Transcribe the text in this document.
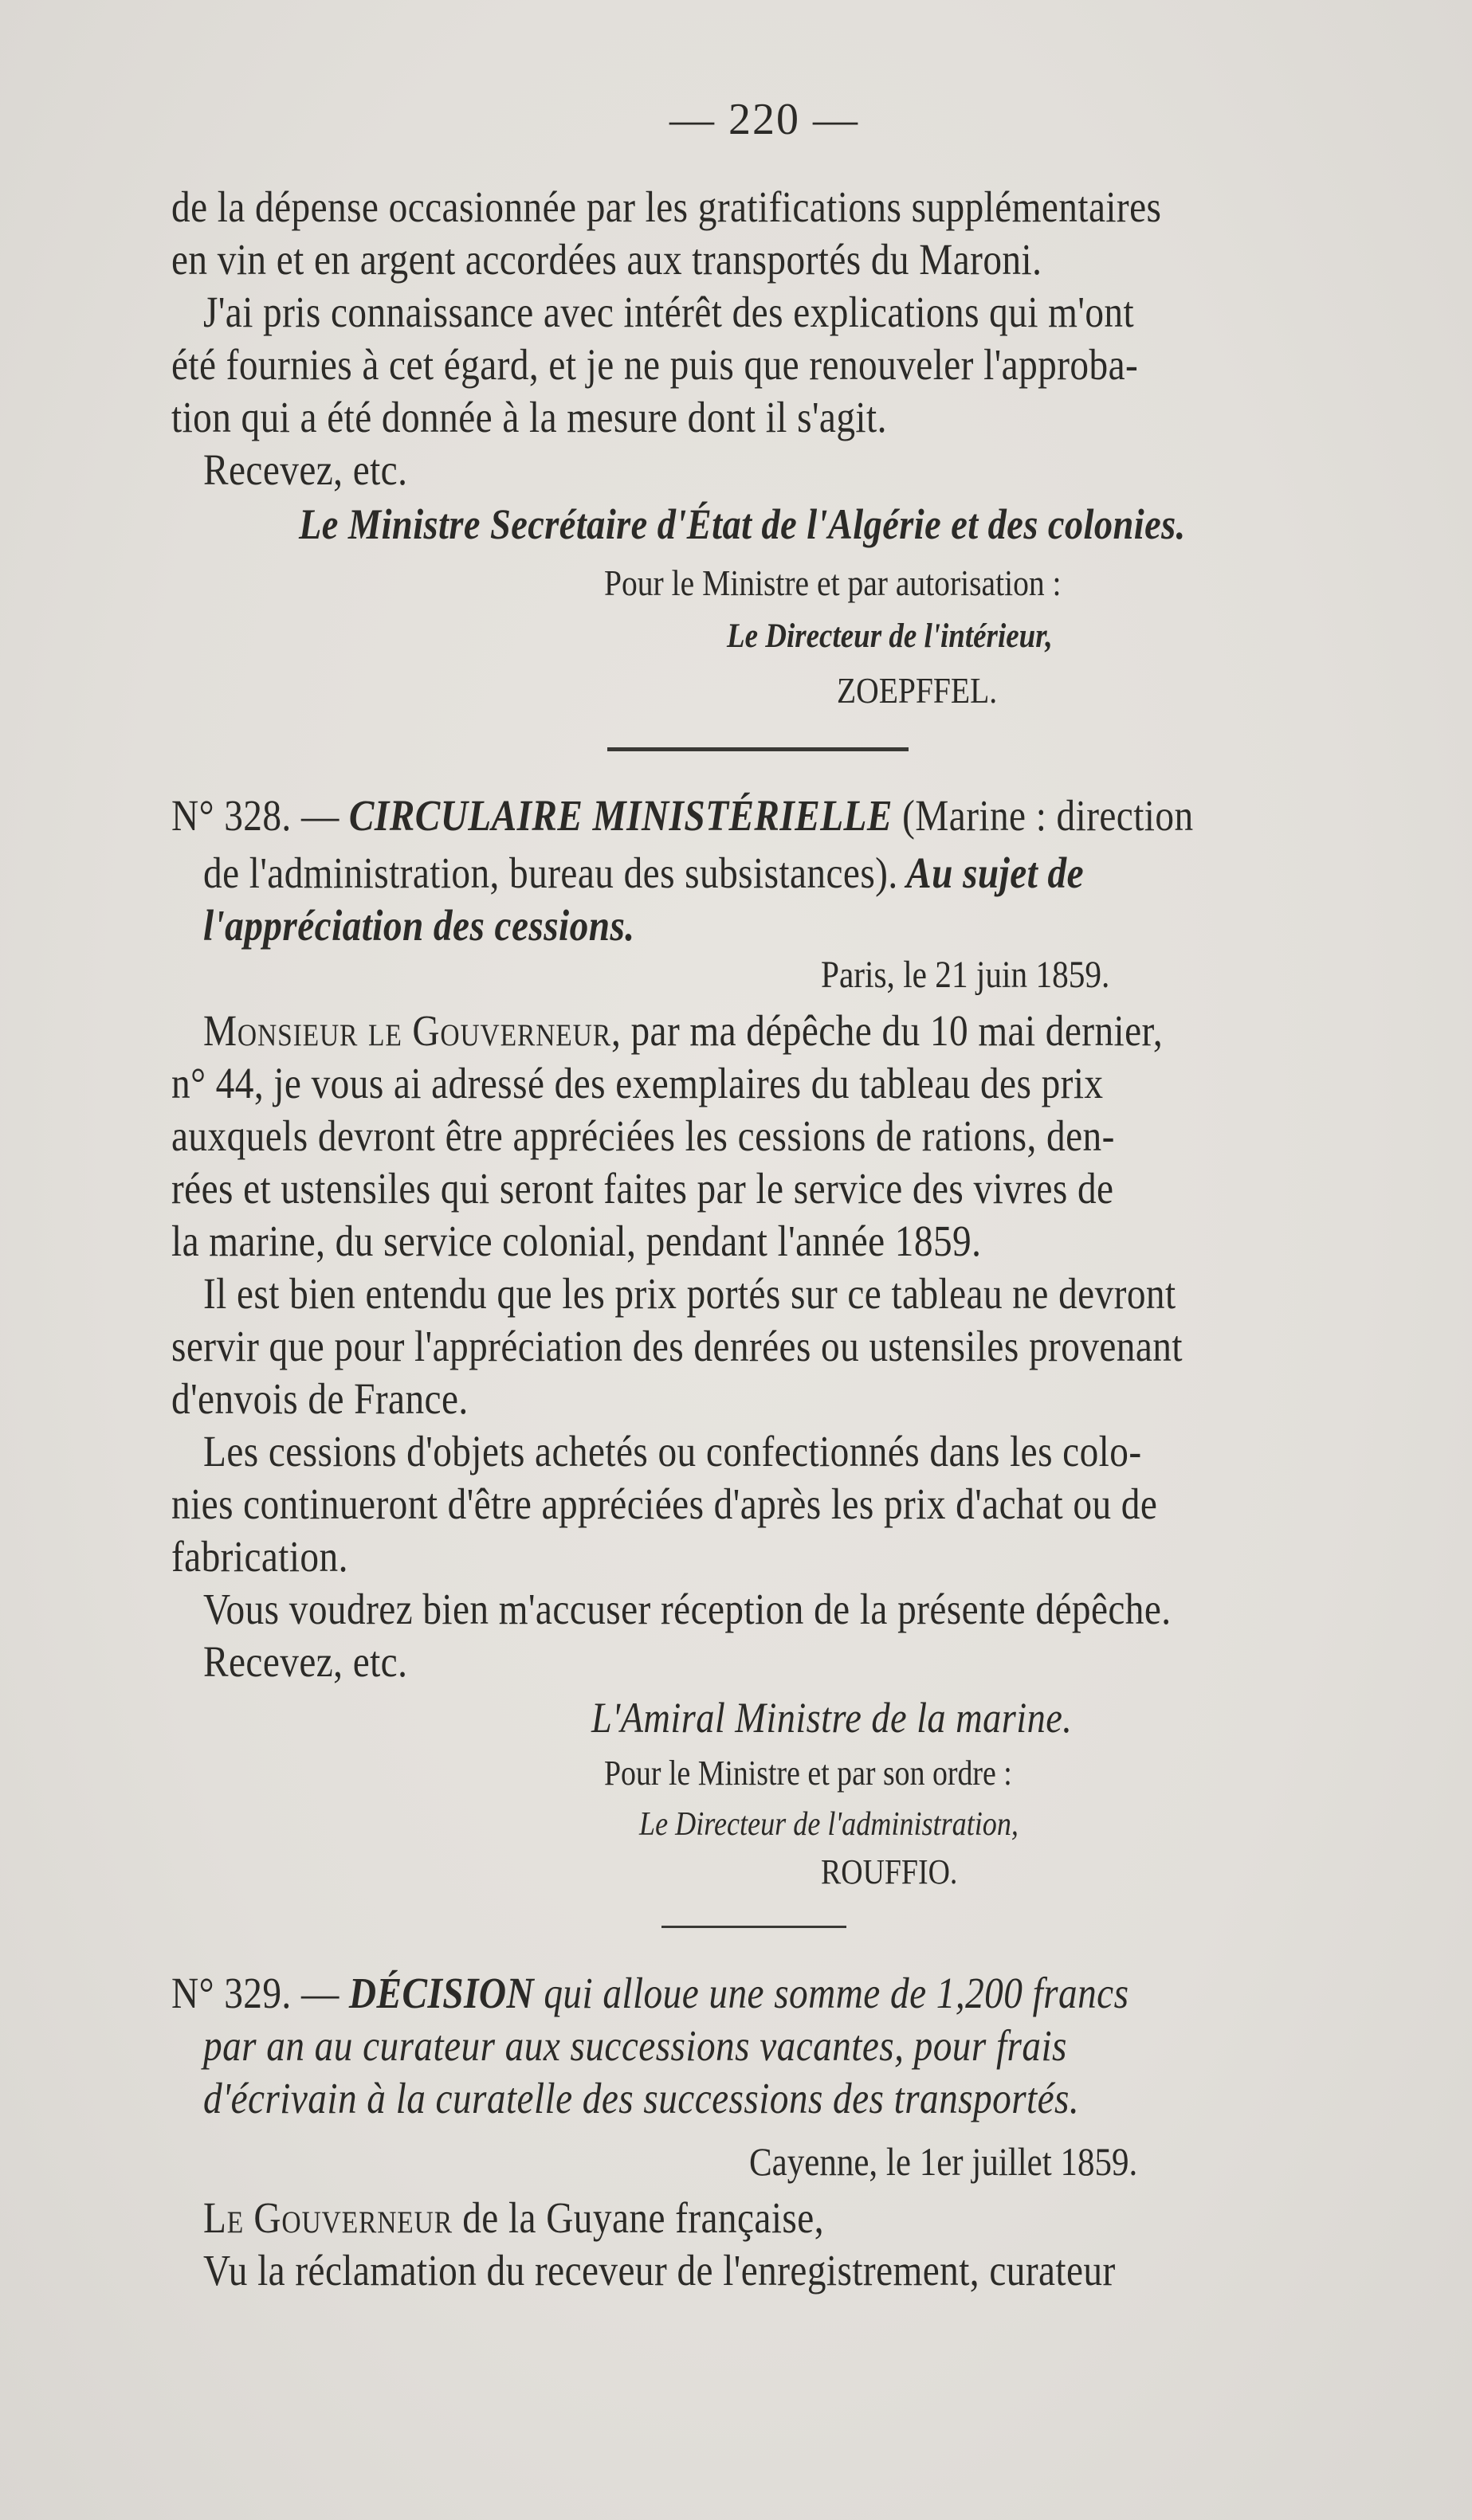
— 220 —
de la dépense occasionnée par les gratifications supplémentaires
en vin et en argent accordées aux transportés du Maroni.
J'ai pris connaissance avec intérêt des explications qui m'ont
été fournies à cet égard, et je ne puis que renouveler l'approba-
tion qui a été donnée à la mesure dont il s'agit.
Recevez, etc.
Le Ministre Secrétaire d'État de l'Algérie et des colonies.
Pour le Ministre et par autorisation :
Le Directeur de l'intérieur,
ZOEPFFEL.
N° 328. — CIRCULAIRE MINISTÉRIELLE (Marine : direction
de l'administration, bureau des subsistances). Au sujet de
l'appréciation des cessions.
Paris, le 21 juin 1859.
Monsieur le Gouverneur, par ma dépêche du 10 mai dernier,
n° 44, je vous ai adressé des exemplaires du tableau des prix
auxquels devront être appréciées les cessions de rations, den-
rées et ustensiles qui seront faites par le service des vivres de
la marine, du service colonial, pendant l'année 1859.
Il est bien entendu que les prix portés sur ce tableau ne devront
servir que pour l'appréciation des denrées ou ustensiles provenant
d'envois de France.
Les cessions d'objets achetés ou confectionnés dans les colo-
nies continueront d'être appréciées d'après les prix d'achat ou de
fabrication.
Vous voudrez bien m'accuser réception de la présente dépêche.
Recevez, etc.
L'Amiral Ministre de la marine.
Pour le Ministre et par son ordre :
Le Directeur de l'administration,
ROUFFIO.
N° 329. — DÉCISION qui alloue une somme de 1,200 francs
par an au curateur aux successions vacantes, pour frais
d'écrivain à la curatelle des successions des transportés.
Cayenne, le 1er juillet 1859.
Le Gouverneur de la Guyane française,
Vu la réclamation du receveur de l'enregistrement, curateur
